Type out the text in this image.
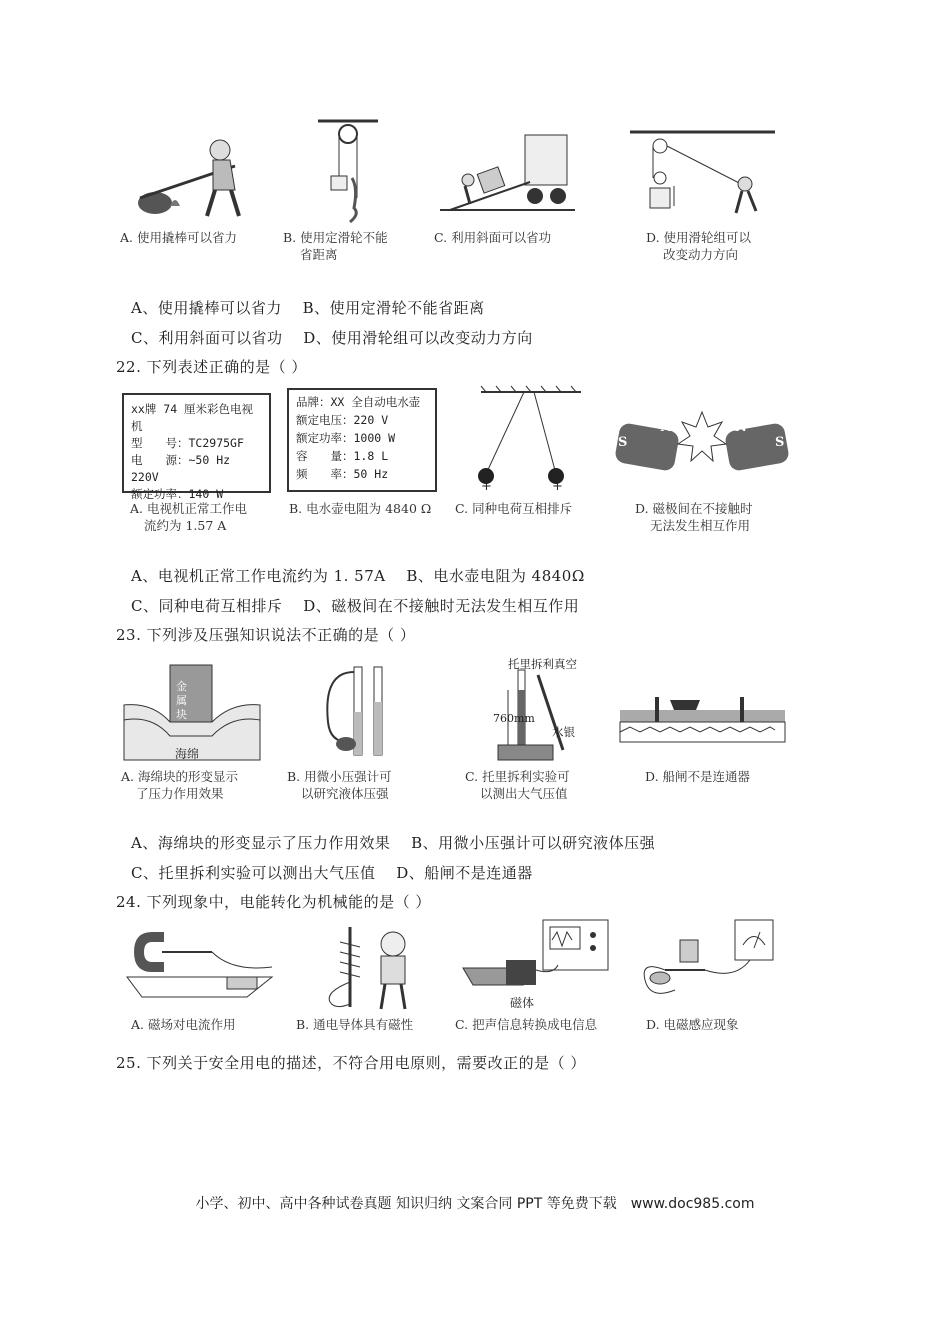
A. 使用撬棒可以省力	B. 使用定滑轮不能
省距离
C. 利用斜面可以省功	D. 使用滑轮组可以
改变动力方向
A、使用撬棒可以省力　 B、使用定滑轮不能省距离
C、利用斜面可以省功　 D、使用滑轮组可以改变动力方向
22. 下列表述正确的是（ ）
xx牌 74 厘米彩色电视机
型　　号：TC2975GF
电　　源：~50 Hz 220V
额定功率：140 W
品牌：XX 全自动电水壶
额定电压：220 V
额定功率：1000 W
容　　量：1.8 L
频　　率：50 Hz
+	+
S
N	N
S
A. 电视机正常工作电
流约为 1.57 A
B. 电水壶电阻为 4840 Ω C. 同种电荷互相排斥	D. 磁极间在不接触时
无法发生相互作用
A、电视机正常工作电流约为 1. 57A　 B、电水壶电阻为 4840Ω
C、同种电荷互相排斥　 D、磁极间在不接触时无法发生相互作用
23. 下列涉及压强知识说法不正确的是（ ）
金属块
海绵
托里拆利真空
760mm
水银
A. 海绵块的形变显示
了压力作用效果
B. 用微小压强计可
以研究液体压强
C. 托里拆利实验可
以测出大气压值
D. 船闸不是连通器
A、海绵块的形变显示了压力作用效果　 B、用微小压强计可以研究液体压强
C、托里拆利实验可以测出大气压值　 D、船闸不是连通器
24. 下列现象中，电能转化为机械能的是（ ）
磁体
A. 磁场对电流作用	B. 通电导体具有磁性	C. 把声信息转换成电信息	D. 电磁感应现象
25. 下列关于安全用电的描述，不符合用电原则，需要改正的是（ ）
小学、初中、高中各种试卷真题 知识归纳 文案合同 PPT 等免费下载　www.doc985.com
